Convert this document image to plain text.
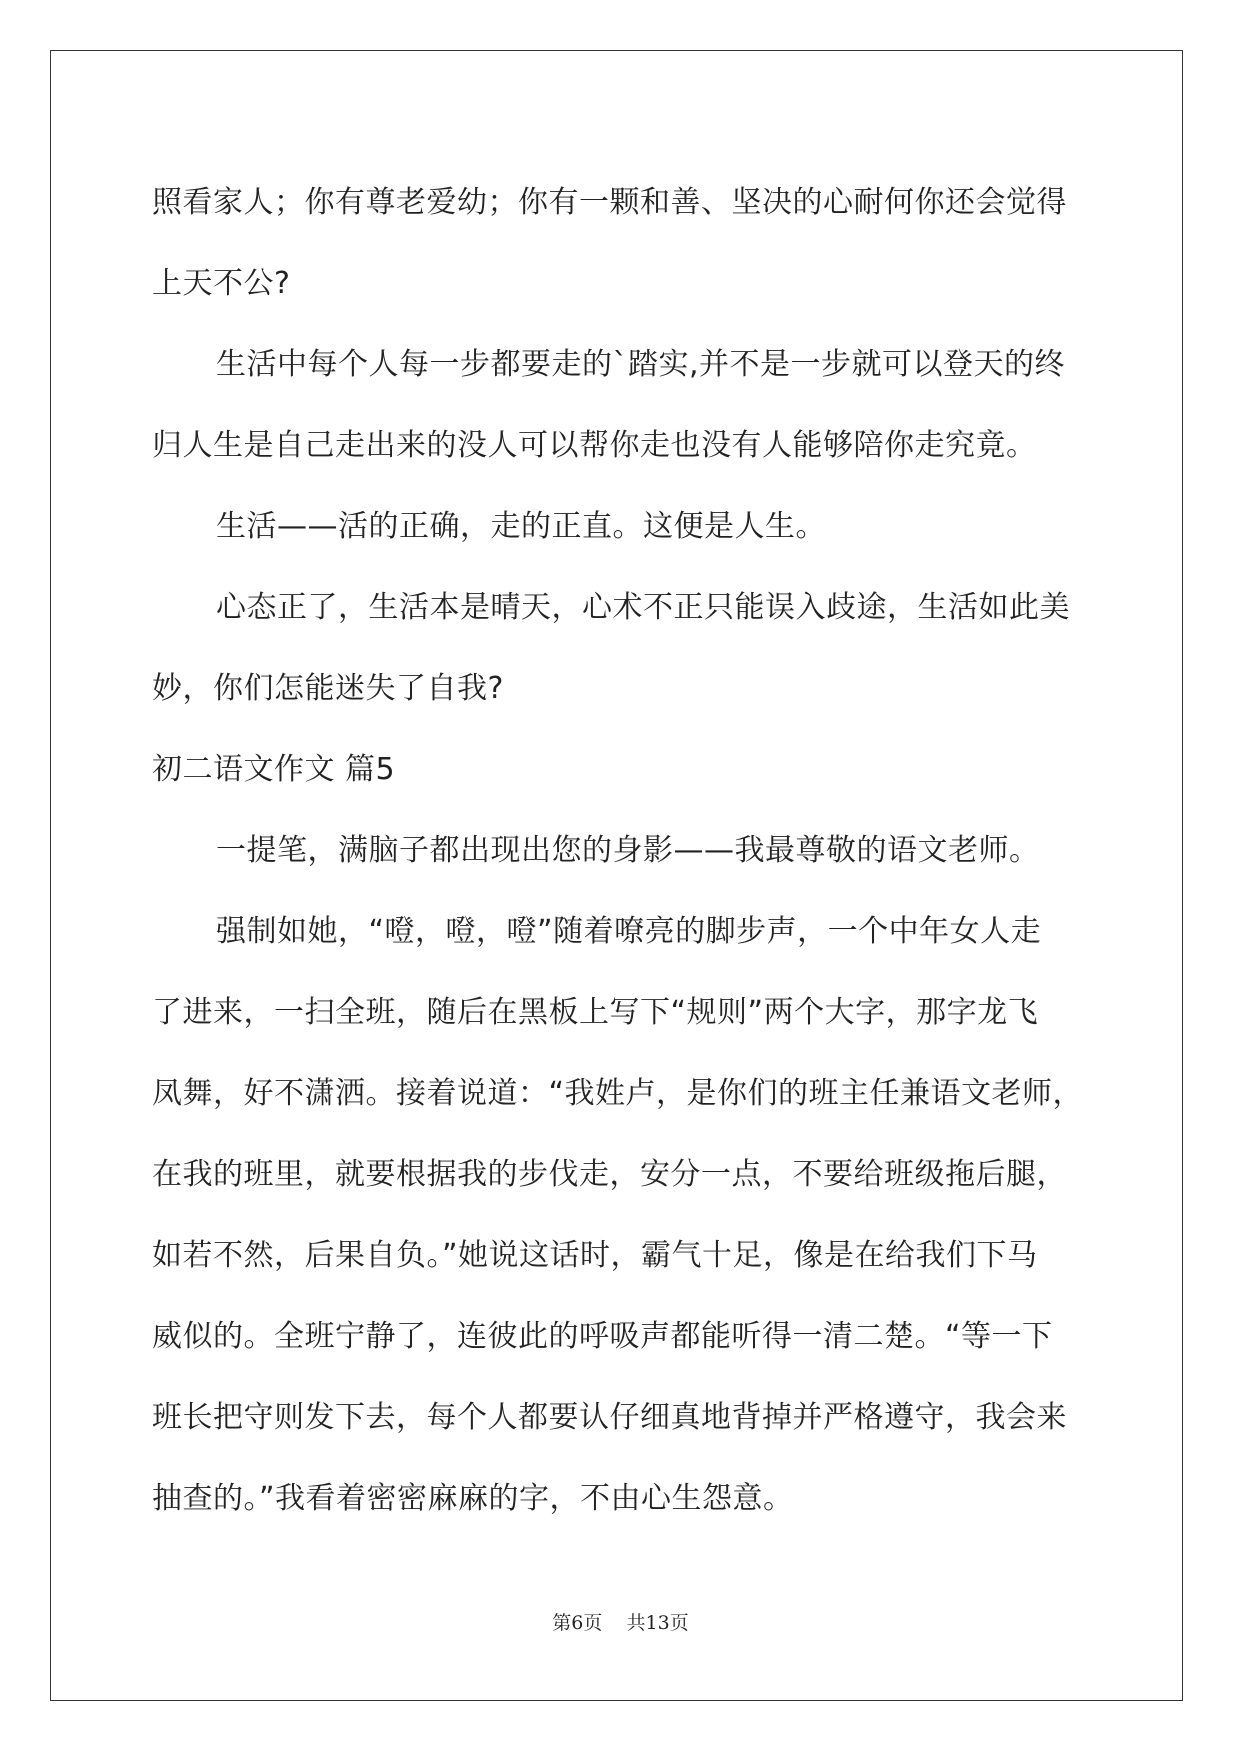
照看家人；你有尊老爱幼；你有一颗和善、坚决的心耐何你还会觉得
上天不公?
生活中每个人每一步都要走的`踏实,并不是一步就可以登天的终
归人生是自己走出来的没人可以帮你走也没有人能够陪你走究竟。
生活——活的正确，走的正直。这便是人生。
心态正了，生活本是晴天，心术不正只能误入歧途，生活如此美
妙，你们怎能迷失了自我?
初二语文作文 篇5
一提笔，满脑子都出现出您的身影——我最尊敬的语文老师。
强制如她，“噔，噔，噔”随着嘹亮的脚步声，一个中年女人走
了进来，一扫全班，随后在黑板上写下“规则”两个大字，那字龙飞
凤舞，好不潇洒。接着说道：“我姓卢，是你们的班主任兼语文老师，
在我的班里，就要根据我的步伐走，安分一点，不要给班级拖后腿，
如若不然，后果自负。”她说这话时，霸气十足，像是在给我们下马
威似的。全班宁静了，连彼此的呼吸声都能听得一清二楚。“等一下
班长把守则发下去，每个人都要认仔细真地背掉并严格遵守，我会来
抽查的。”我看着密密麻麻的字，不由心生怨意。
第6页 共13页
